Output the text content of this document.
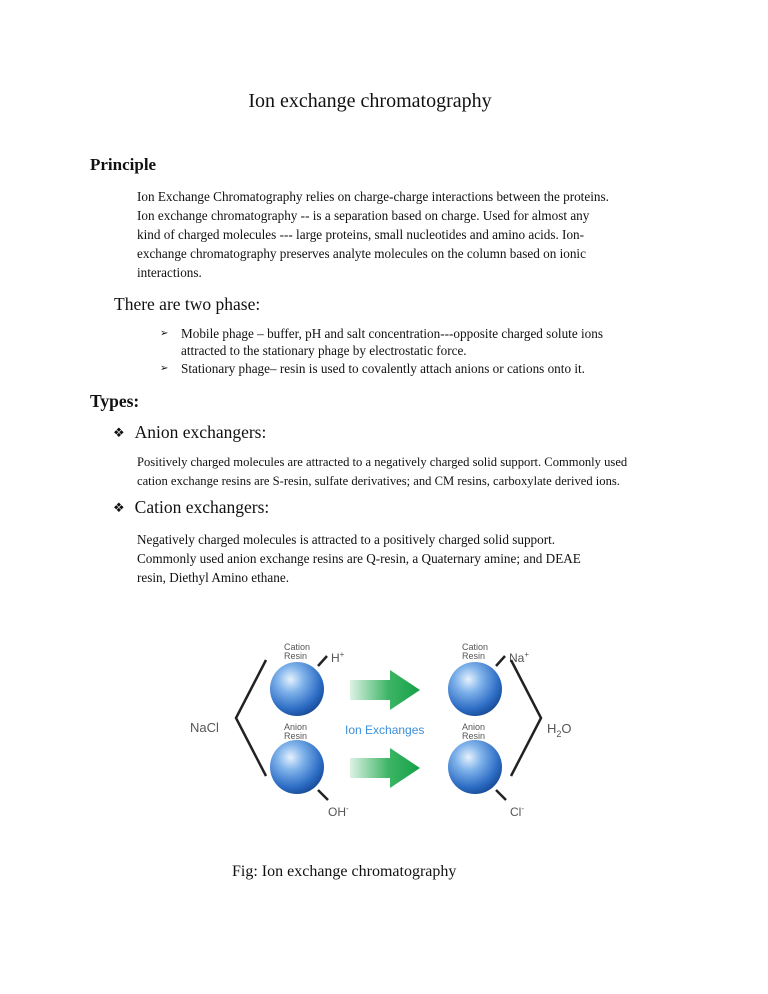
Ion exchange chromatography
Principle

Ion Exchange Chromatography relies on charge-charge interactions between the proteins.

Ion exchange chromatography -- is a separation based on charge. Used for almost any

kind of charged molecules --- large proteins, small nucleotides and amino acids. Ion-

exchange chromatography preserves analyte molecules on the column based on ionic

interactions.

There are two phase:
➢ Mobile phage – buffer, pH and salt concentration---opposite charged solute ions
attracted to the stationary phage by electrostatic force.
➢ Stationary phage– resin is used to covalently attach anions or cations onto it.
Types:
❖ Anion exchangers:
Positively charged molecules are attracted to a negatively charged solid support. Commonly used
cation exchange resins are S-resin, sulfate derivatives; and CM resins, carboxylate derived ions.
❖ Cation exchangers:

Negatively charged molecules is attracted to a positively charged solid support.

Commonly used anion exchange resins are Q-resin, a Quaternary amine; and DEAE

resin, Diethyl Amino ethane.

NaCl
Cation
Resin
Anion
Resin
H+
OH-
Ion Exchanges
Cation
Resin
Anion
Resin
Na+
Cl-
$H_2O$
Fig: Ion exchange chromatography
